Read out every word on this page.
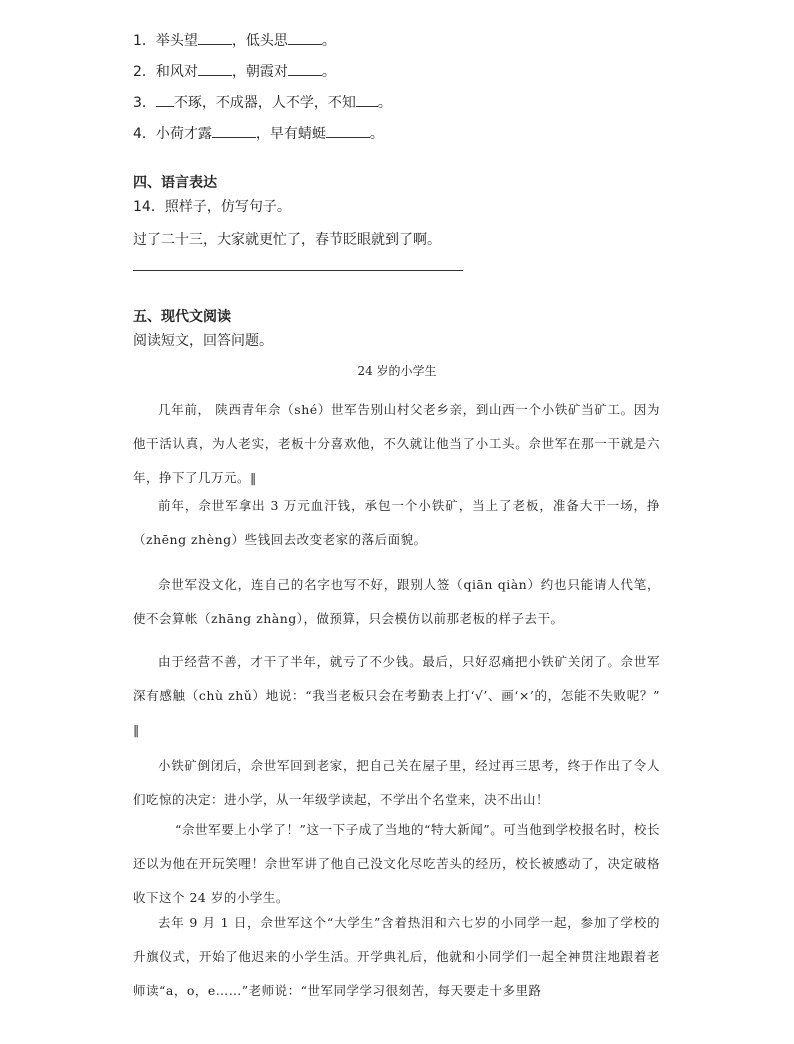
1．举头望 ，低头思 。
2．和风对 ，朝霞对 。
3． 不琢，不成器，人不学，不知 。
4．小荷才露	，早有蜻蜓	。
四、语言表达
14．照样子，仿写句子。
过了二十三，大家就更忙了，春节眨眼就到了啊。
五、现代文阅读
阅读短文，回答问题。
24 岁的小学生
几年前， 陕西青年佘（shé）世军告别山村父老乡亲，到山西一个小铁矿当矿工。因为他干活认真，为人老实，老板十分喜欢他，不久就让他当了小工头。佘世军在那一干就是六年，挣下了几万元。‖
前年，佘世军拿出 3 万元血汗钱，承包一个小铁矿，当上了老板，准备大干一场，挣（zhēng zhèng）些钱回去改变老家的落后面貌。
佘世军没文化，连自己的名字也写不好，跟别人签（qiān qiàn）约也只能请人代笔，使不会算帐（zhāng zhàng），做预算，只会模仿以前那老板的样子去干。
由于经营不善，才干了半年，就亏了不少钱。最后，只好忍痛把小铁矿关闭了。佘世军深有感触（chù zhǔ）地说：“我当老板只会在考勤表上打‘√’、画‘×’的，怎能不失败呢？” ‖
小铁矿倒闭后，佘世军回到老家，把自己关在屋子里，经过再三思考，终于作出了令人们吃惊的决定：进小学，从一年级学读起，不学出个名堂来，决不出山！
“佘世军要上小学了！”这一下子成了当地的“特大新闻”。可当他到学校报名时，校长还以为他在开玩笑哩！佘世军讲了他自己没文化尽吃苦头的经历，校长被感动了，决定破格收下这个 24 岁的小学生。
去年 9 月 1 日，佘世军这个“大学生”含着热泪和六七岁的小同学一起，参加了学校的升旗仪式，开始了他迟来的小学生活。开学典礼后，他就和小同学们一起全神贯注地跟着老师读“a，o，e……”老师说：“世军同学学习很刻苦，每天要走十多里路
